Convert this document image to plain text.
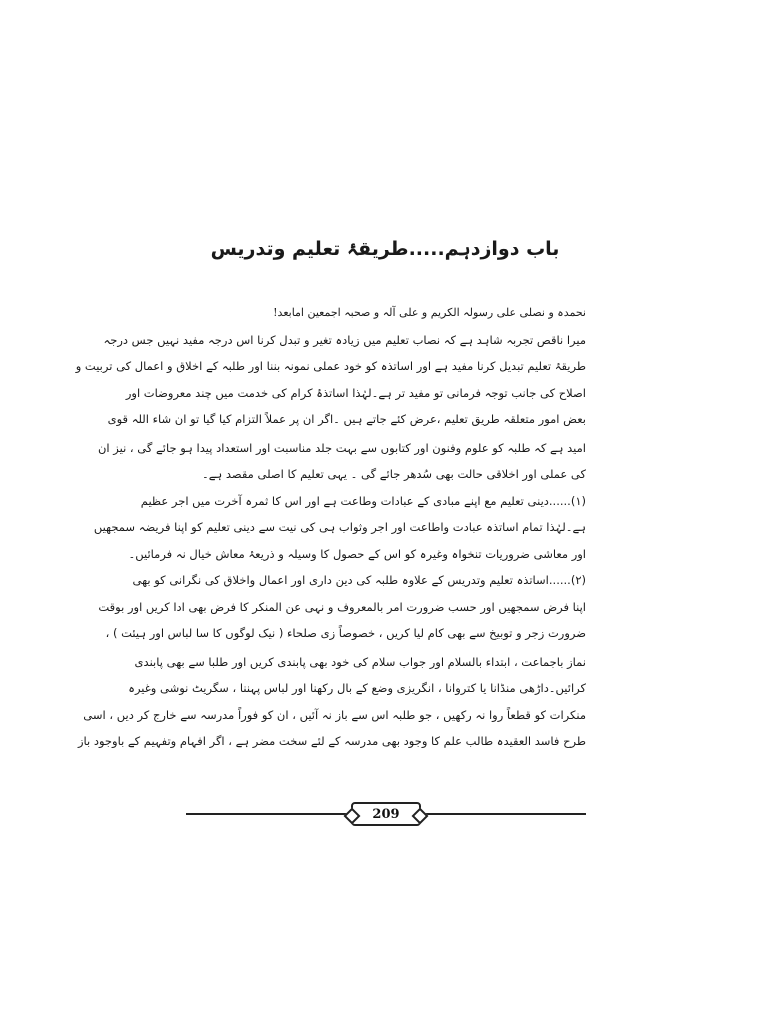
باب دوازدہم.....طریقۂ تعلیم وتدریس
نحمدہ و نصلی علی رسولہ الکریم و علی آلہ و صحبہ اجمعین امابعد!
میرا ناقص تجربہ شاہد ہے کہ نصاب تعلیم میں زیادہ تغیر و تبدل کرنا اس درجہ مفید نہیں جس درجہ
طریقۂ تعلیم تبدیل کرنا مفید ہے اور اساتذہ کو خود عملی نمونہ بننا اور طلبہ کے اخلاق و اعمال کی تربیت و
اصلاح کی جانب توجہ فرمانی تو مفید تر ہے۔لہٰذا اساتذۂ کرام کی خدمت میں چند معروضات اور
بعض امور متعلقہ طریق تعلیم ،عرض کئے جاتے ہیں ۔اگر ان پر عملاً التزام کیا گیا تو ان شاء اللہ قوی
امید ہے کہ طلبہ کو علوم وفنون اور کتابوں سے بہت جلد مناسبت اور استعداد پیدا ہو جائے گی ، نیز ان
کی عملی اور اخلاقی حالت بھی سُدھر جائے گی ۔ یہی تعلیم کا اصلی مقصد ہے۔
(۱)......دینی تعلیم مع اپنے مبادی کے عبادات وطاعت ہے اور اس کا ثمرہ آخرت میں اجر عظیم
ہے۔لہٰذا تمام اساتذہ عبادت واطاعت اور اجر وثواب ہی کی نیت سے دینی تعلیم کو اپنا فریضہ سمجھیں
اور معاشی ضروریات تنخواہ وغیرہ کو اس کے حصول کا وسیلہ و ذریعۂ معاش خیال نہ فرمائیں۔
(۲)......اساتذہ تعلیم وتدریس کے علاوہ طلبہ کی دین داری اور اعمال واخلاق کی نگرانی کو بھی
اپنا فرض سمجھیں اور حسب ضرورت امر بالمعروف و نہی عن المنکر کا فرض بھی ادا کریں اور بوقت
ضرورت زجر و توبیخ سے بھی کام لیا کریں ، خصوصاً زی صلحاء ( نیک لوگوں کا سا لباس اور ہیئت ) ،
نماز باجماعت ، ابتداء بالسلام اور جواب سلام کی خود بھی پابندی کریں اور طلبا سے بھی پابندی
کرائیں۔داڑھی منڈانا یا کتروانا ، انگریزی وضع کے بال رکھنا اور لباس پہننا ، سگریٹ نوشی وغیرہ
منکرات کو قطعاً روا نہ رکھیں ، جو طلبہ اس سے باز نہ آئیں ، ان کو فوراً مدرسہ سے خارج کر دیں ، اسی
طرح فاسد العقیدہ طالب علم کا وجود بھی مدرسہ کے لئے سخت مضر ہے ، اگر افہام وتفہیم کے باوجود باز
209
